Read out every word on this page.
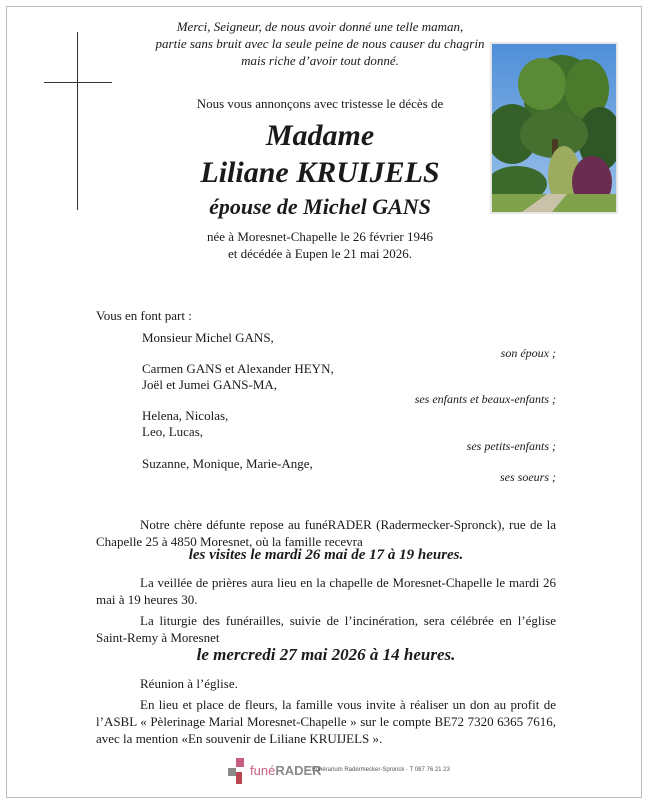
Merci, Seigneur, de nous avoir donné une telle maman,
partie sans bruit avec la seule peine de nous causer du chagrin
mais riche d’avoir tout donné.
Nous vous annonçons avec tristesse le décès de
Madame
Liliane KRUIJELS
épouse de Michel GANS
née à Moresnet-Chapelle le 26 février 1946
et décédée à Eupen le 21 mai 2026.
Vous en font part :
Monsieur Michel GANS,
son époux ;
Carmen GANS et Alexander HEYN,
Joël et Jumei GANS-MA,
ses enfants et beaux-enfants ;
Helena, Nicolas,
Leo, Lucas,
ses petits-enfants ;
Suzanne, Monique, Marie-Ange,
ses soeurs ;
Notre chère défunte repose au funéRADER (Radermecker-Spronck), rue de la Chapelle 25 à 4850 Moresnet, où la famille recevra
les visites le mardi 26 mai de 17 à 19 heures.
La veillée de prières aura lieu en la chapelle de Moresnet-Chapelle le mardi 26 mai à 19 heures 30.
La liturgie des funérailles, suivie de l’incinération, sera célébrée en l’église Saint-Remy à Moresnet
le mercredi 27 mai 2026 à 14 heures.
Réunion à l’église.
En lieu et place de fleurs, la famille vous invite à réaliser un don au profit de l’ASBL « Pèlerinage Marial Moresnet-Chapelle » sur le compte BE72 7320 6365 7616, avec la mention «En souvenir de Liliane KRUIJELS ».
funéRADER
Funérarium Radermecker-Spronck · T 087 76 21 23
